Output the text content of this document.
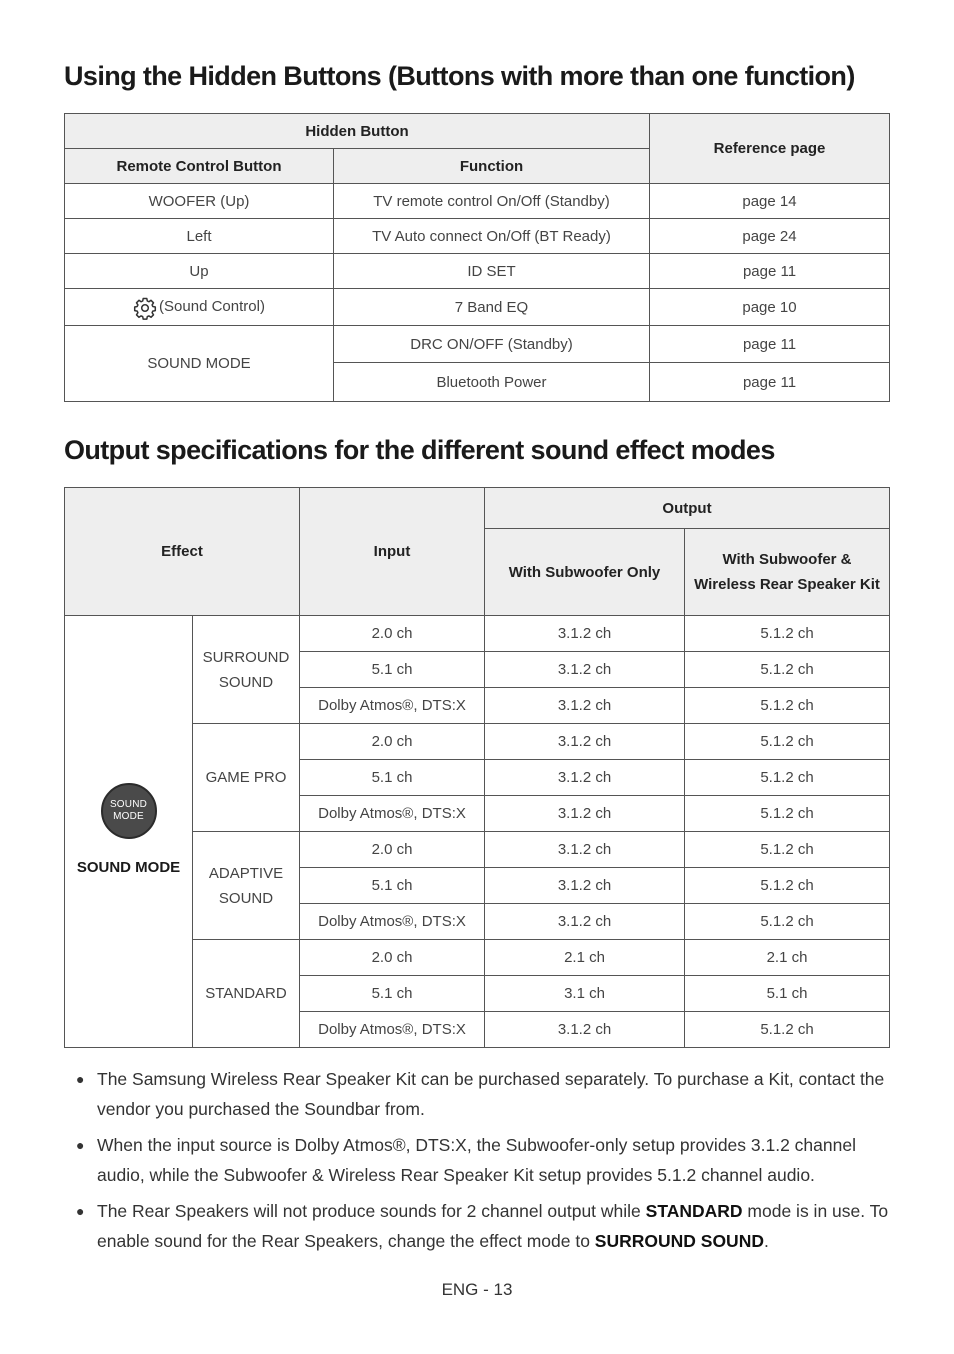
Using the Hidden Buttons (Buttons with more than one function)
Hidden Button		Reference page
Remote Control Button	Function	
WOOFER (Up)	TV remote control On/Off (Standby)	page 14
Left	TV Auto connect On/Off (BT Ready)	page 24
Up	ID SET	page 11
(Sound Control)	7 Band EQ	page 10
SOUND MODE	DRC ON/OFF (Standby)	page 11
	Bluetooth Power	page 11
Output specifications for the different sound effect modes
Effect		Input	Output	
			With Subwoofer Only	With Subwoofer & Wireless Rear Speaker Kit

SOUND
MODE
SOUND MODE	SURROUND SOUND	2.0 ch	3.1.2 ch	5.1.2 ch
		5.1 ch	3.1.2 ch	5.1.2 ch
		Dolby Atmos®, DTS:X	3.1.2 ch	5.1.2 ch
	GAME PRO	2.0 ch	3.1.2 ch	5.1.2 ch
		5.1 ch	3.1.2 ch	5.1.2 ch
		Dolby Atmos®, DTS:X	3.1.2 ch	5.1.2 ch
	ADAPTIVE SOUND	2.0 ch	3.1.2 ch	5.1.2 ch
		5.1 ch	3.1.2 ch	5.1.2 ch
		Dolby Atmos®, DTS:X	3.1.2 ch	5.1.2 ch
	STANDARD	2.0 ch	2.1 ch	2.1 ch
		5.1 ch	3.1 ch	5.1 ch
		Dolby Atmos®, DTS:X	3.1.2 ch	5.1.2 ch
● The Samsung Wireless Rear Speaker Kit can be purchased separately. To purchase a Kit, contact the vendor you purchased the Soundbar from.
● When the input source is Dolby Atmos®, DTS:X, the Subwoofer-only setup provides 3.1.2 channel audio, while the Subwoofer & Wireless Rear Speaker Kit setup provides 5.1.2 channel audio.
● The Rear Speakers will not produce sounds for 2 channel output while STANDARD mode is in use. To enable sound for the Rear Speakers, change the effect mode to SURROUND SOUND.
ENG - 13
